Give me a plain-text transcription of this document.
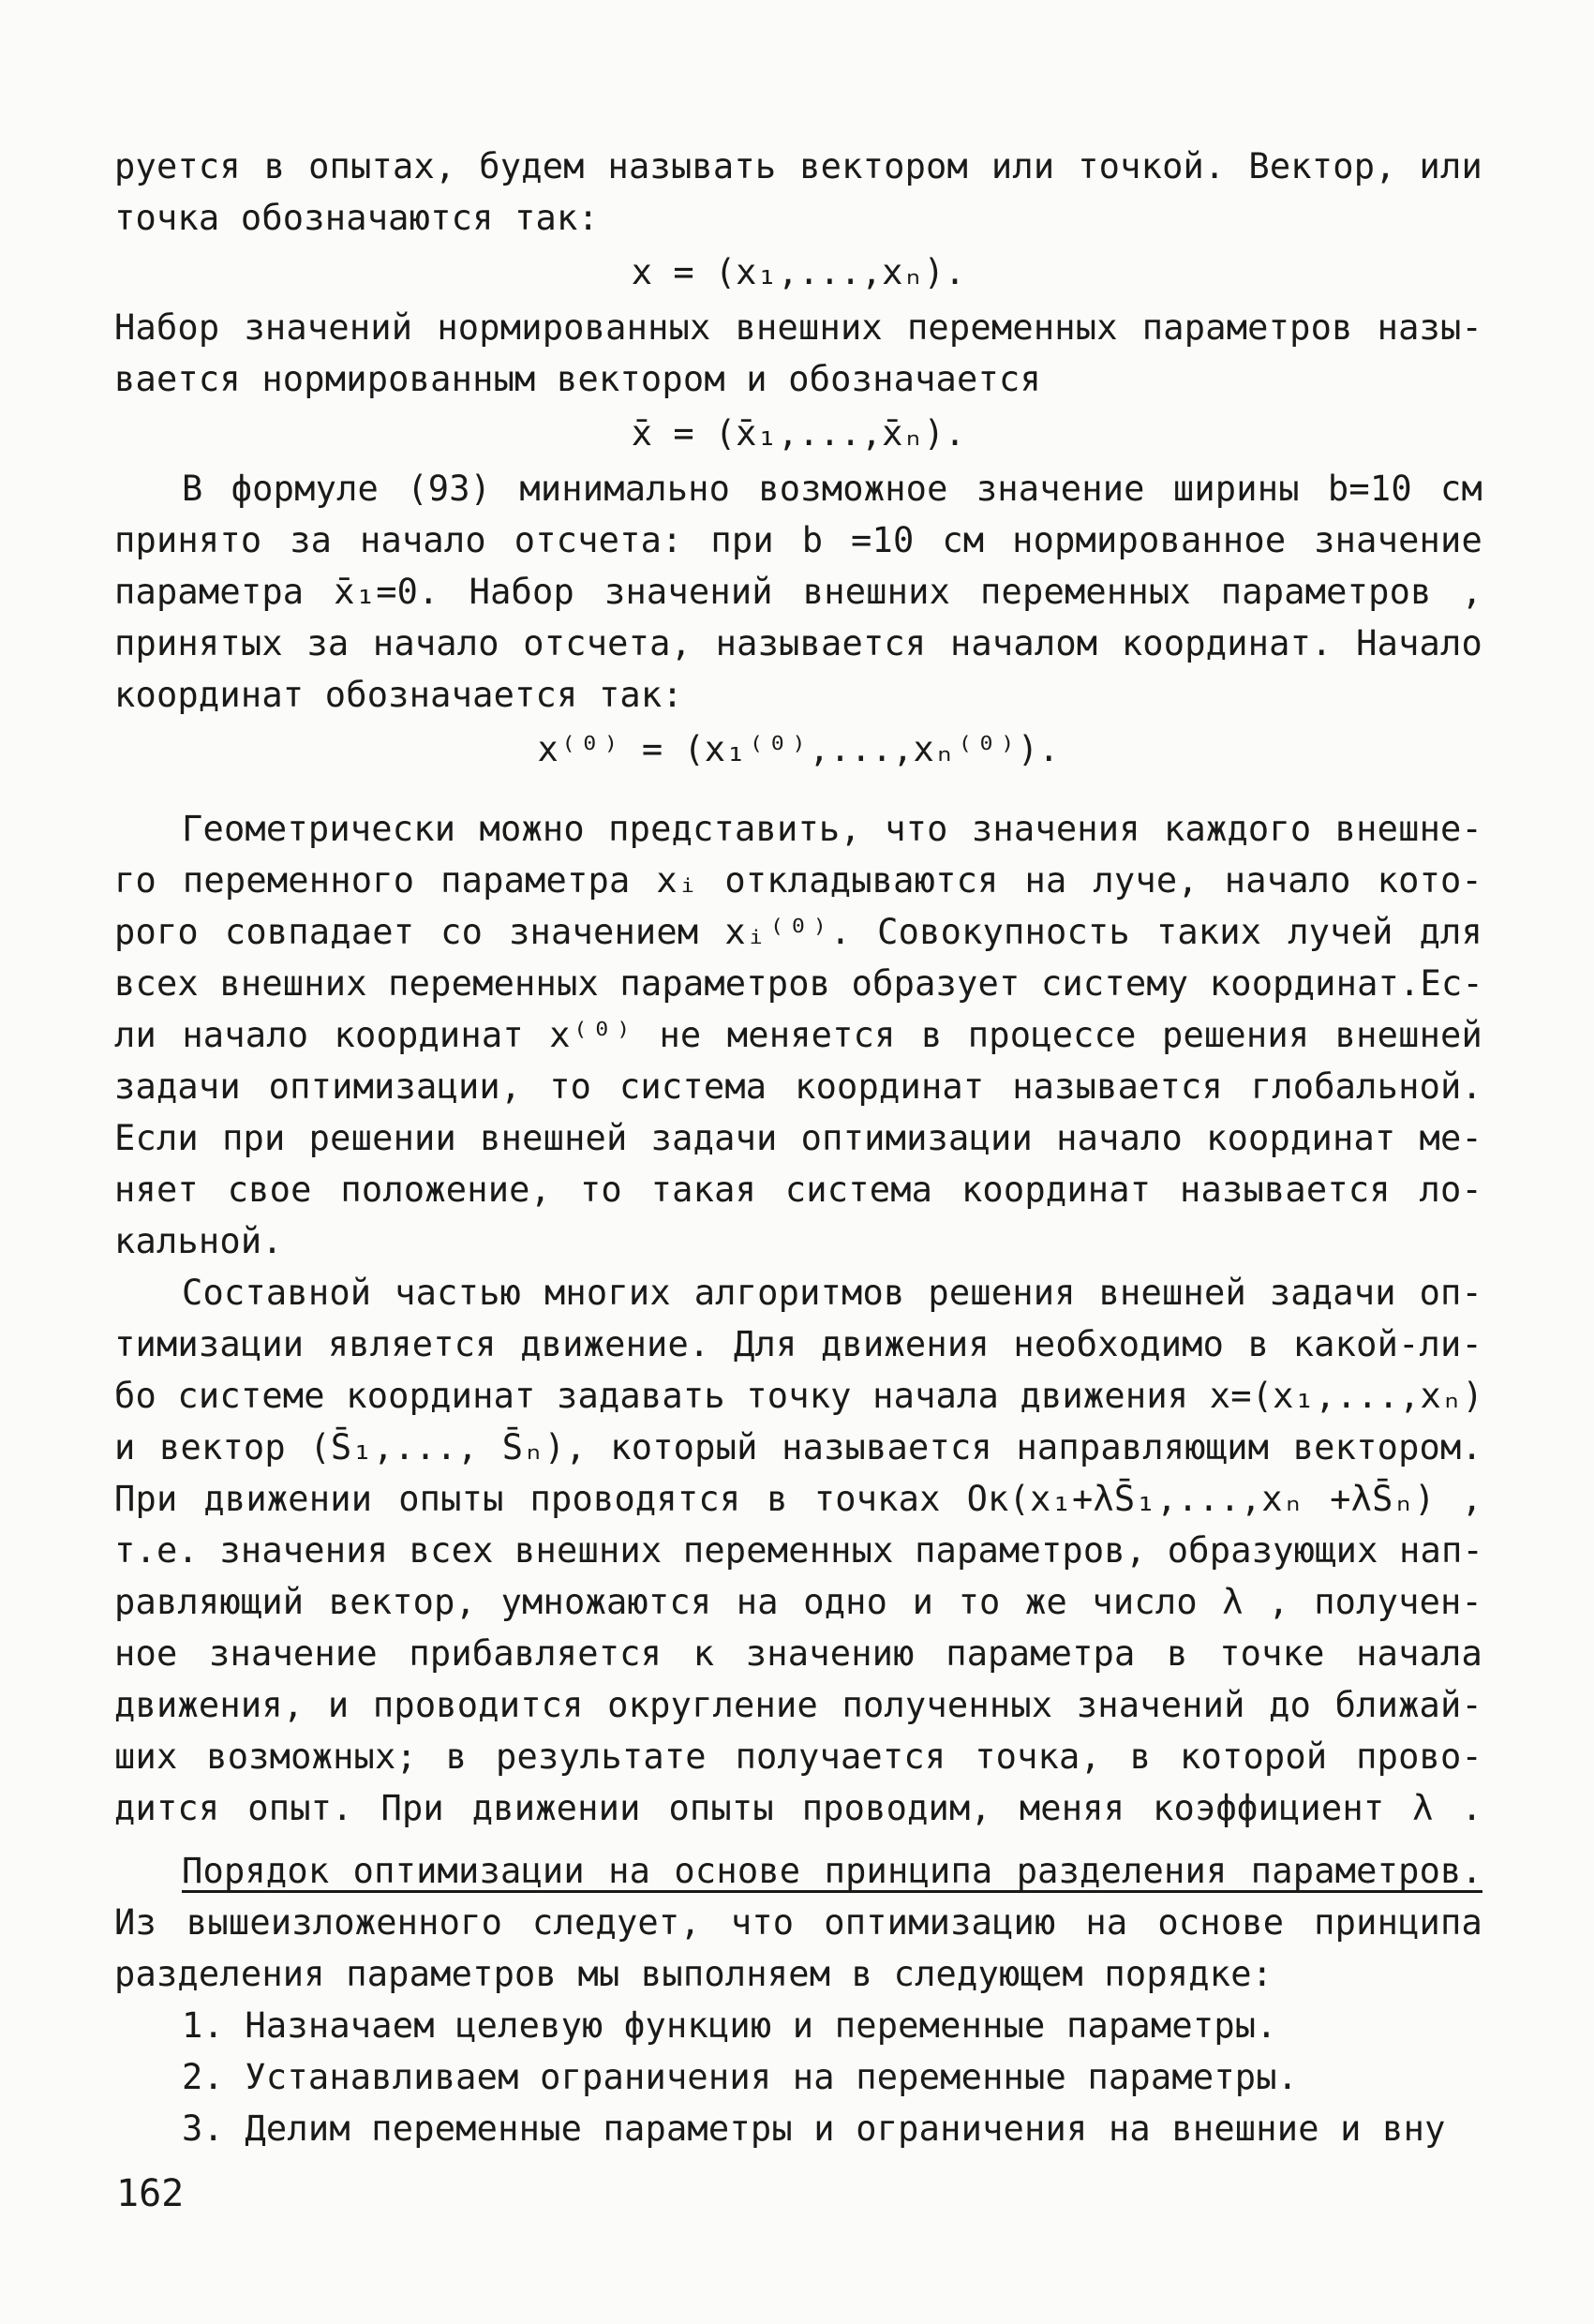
руется в опытах, будем называть вектором или точкой. Вектор, или
точка обозначаются так:
x = (x₁,...,xₙ).
Набор значений нормированных внешних переменных параметров назы-
вается нормированным вектором и обозначается
x̄ = (x̄₁,...,x̄ₙ).
В формуле (93) минимально возможное значение ширины b=10 см
принято за начало отсчета: при b =10 см нормированное значение
параметра x̄₁=0. Набор значений внешних переменных параметров ,
принятых за начало отсчета, называется началом координат. Начало
координат обозначается так:
x⁽⁰⁾ = (x₁⁽⁰⁾,...,xₙ⁽⁰⁾).
Геометрически можно представить, что значения каждого внешне-
го переменного параметра xᵢ откладываются на луче, начало кото-
рого совпадает со значением xᵢ⁽⁰⁾. Совокупность таких лучей для
всех внешних переменных параметров образует систему координат.Ес-
ли начало координат x⁽⁰⁾ не меняется в процессе решения внешней
задачи оптимизации, то система координат называется глобальной.
Если при решении внешней задачи оптимизации начало координат ме-
няет свое положение, то такая система координат называется ло-
кальной.
Составной частью многих алгоритмов решения внешней задачи оп-
тимизации является движение. Для движения необходимо в какой-ли-
бо системе координат задавать точку начала движения x=(x₁,...,xₙ)
и вектор (S̄₁,..., S̄ₙ), который называется направляющим вектором.
При движении опыты проводятся в точках Oк(x₁+λS̄₁,...,xₙ +λS̄ₙ) ,
т.е. значения всех внешних переменных параметров, образующих нап-
равляющий вектор, умножаются на одно и то же число λ , получен-
ное значение прибавляется к значению параметра в точке начала
движения, и проводится округление полученных значений до ближай-
ших возможных; в результате получается точка, в которой прово-
дится опыт. При движении опыты проводим, меняя коэффициент λ .
Порядок оптимизации на основе принципа разделения параметров.
Из вышеизложенного следует, что оптимизацию на основе принципа
разделения параметров мы выполняем в следующем порядке:
1. Назначаем целевую функцию и переменные параметры.
2. Устанавливаем ограничения на переменные параметры.
3. Делим переменные параметры и ограничения на внешние и вну
162
